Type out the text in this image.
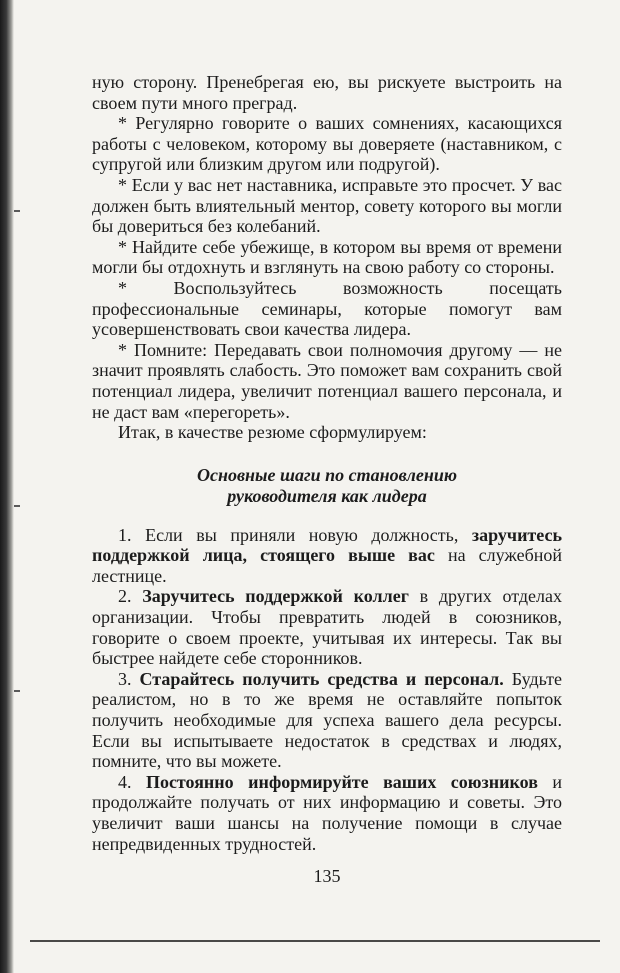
ную сторону. Пренебрегая ею, вы рискуете выстроить на своем пути много преград.

* Регулярно говорите о ваших сомнениях, касающихся работы с человеком, которому вы доверяете (наставником, с супругой или близким другом или подругой).

* Если у вас нет наставника, исправьте это просчет. У вас должен быть влиятельный ментор, совету которого вы могли бы довериться без колебаний.

* Найдите себе убежище, в котором вы время от времени могли бы отдохнуть и взглянуть на свою работу со стороны.

* Воспользуйтесь возможность посещать профессиональные семинары, которые помогут вам усовершенствовать свои качества лидера.

* Помните: Передавать свои полномочия другому — не значит проявлять слабость. Это поможет вам сохранить свой потенциал лидера, увеличит потенциал вашего персонала, и не даст вам «перегореть».

Итак, в качестве резюме сформулируем:

Основные шаги по становлению
руководителя как лидера

1. Если вы приняли новую должность, заручитесь поддержкой лица, стоящего выше вас на служебной лестнице.

2. Заручитесь поддержкой коллег в других отделах организации. Чтобы превратить людей в союзников, говорите о своем проекте, учитывая их интересы. Так вы быстрее найдете себе сторонников.

3. Старайтесь получить средства и персонал. Будьте реалистом, но в то же время не оставляйте попыток получить необходимые для успеха вашего дела ресурсы. Если вы испытываете недостаток в средствах и людях, помните, что вы можете.

4. Постоянно информируйте ваших союзников и продолжайте получать от них информацию и советы. Это увеличит ваши шансы на получение помощи в случае непредвиденных трудностей.

135
